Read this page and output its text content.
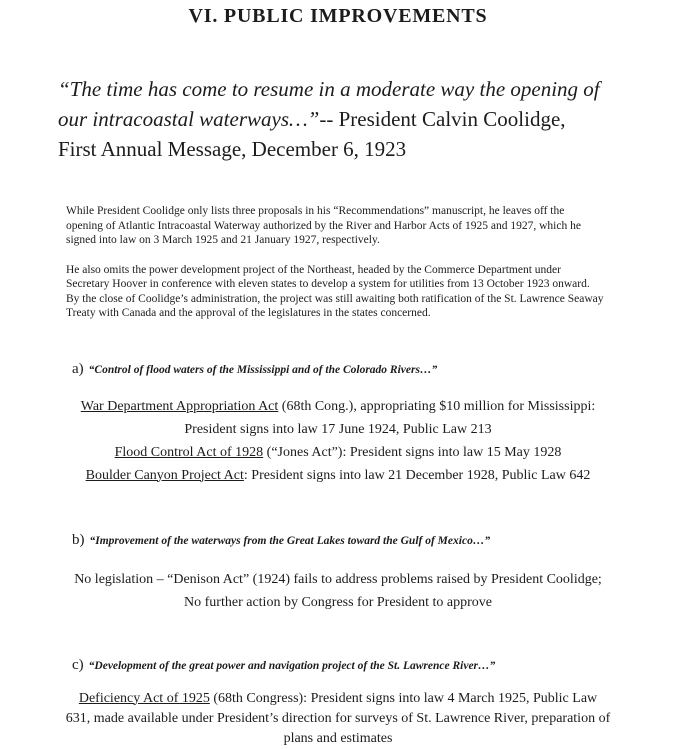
VI. PUBLIC IMPROVEMENTS
“The time has come to resume in a moderate way the opening of
our intracoastal waterways…”-- President Calvin Coolidge,
First Annual Message, December 6, 1923
While President Coolidge only lists three proposals in his “Recommendations” manuscript, he leaves off the
opening of Atlantic Intracoastal Waterway authorized by the River and Harbor Acts of 1925 and 1927, which he
signed into law on 3 March 1925 and 21 January 1927, respectively.
He also omits the power development project of the Northeast, headed by the Commerce Department under
Secretary Hoover in conference with eleven states to develop a system for utilities from 13 October 1923 onward.
By the close of Coolidge’s administration, the project was still awaiting both ratification of the St. Lawrence Seaway
Treaty with Canada and the approval of the legislatures in the states concerned.
a) “Control of flood waters of the Mississippi and of the Colorado Rivers…”
War Department Appropriation Act (68th Cong.), appropriating $10 million for Mississippi:
President signs into law 17 June 1924, Public Law 213
Flood Control Act of 1928 (“Jones Act”): President signs into law 15 May 1928
Boulder Canyon Project Act: President signs into law 21 December 1928, Public Law 642
b) “Improvement of the waterways from the Great Lakes toward the Gulf of Mexico…”
No legislation – “Denison Act” (1924) fails to address problems raised by President Coolidge;
No further action by Congress for President to approve
c) “Development of the great power and navigation project of the St. Lawrence River…”
Deficiency Act of 1925 (68th Congress): President signs into law 4 March 1925, Public Law
631, made available under President’s direction for surveys of St. Lawrence River, preparation of
plans and estimates
